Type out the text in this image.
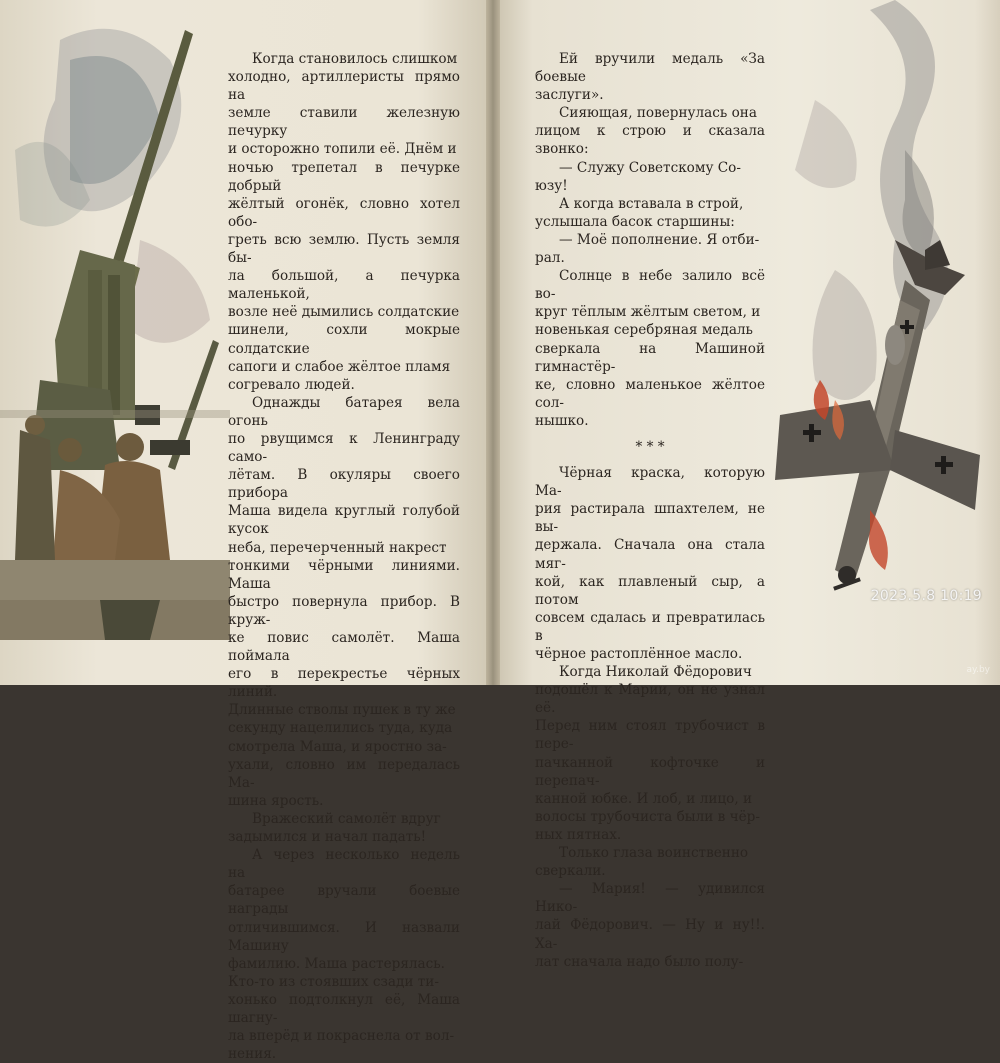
Когда становилось слишком

холодно, артиллеристы прямо на

земле ставили железную печурку

и осторожно топили её. Днём и

ночью трепетал в печурке добрый

жёлтый огонёк, словно хотел обо-

греть всю землю. Пусть земля бы-

ла большой, а печурка маленькой,

возле неё дымились солдатские

шинели, сохли мокрые солдатские

сапоги и слабое жёлтое пламя

согревало людей.

Однажды батарея вела огонь

по рвущимся к Ленинграду само-

лётам. В окуляры своего прибора

Маша видела круглый голубой кусок

неба, перечерченный накрест

тонкими чёрными линиями. Маша

быстро повернула прибор. В круж-

ке повис самолёт. Маша поймала

его в перекрестье чёрных линий.

Длинные стволы пушек в ту же

секунду нацелились туда, куда

смотрела Маша, и яростно за-

ухали, словно им передалась Ма-

шина ярость.

Вражеский самолёт вдруг

задымился и начал падать!

А через несколько недель на

батарее вручали боевые награды

отличившимся. И назвали Машину

фамилию. Маша растерялась.

Кто-то из стоявших сзади ти-

хонько подтолкнул её, Маша шагну-

ла вперёд и покраснела от вол-

нения.

Ей вручили медаль «За боевые

заслуги».

Сияющая, повернулась она

лицом к строю и сказала звонко:

— Служу Советскому Со-

юзу!

А когда вставала в строй,

услышала басок старшины:

— Моё пополнение. Я отби-

рал.

Солнце в небе залило всё во-

круг тёплым жёлтым светом, и

новенькая серебряная медаль

сверкала на Машиной гимнастёр-

ке, словно маленькое жёлтое сол-

нышко.

* * *

Чёрная краска, которую Ма-

рия растирала шпахтелем, не вы-

держала. Сначала она стала мяг-

кой, как плавленый сыр, а потом

совсем сдалась и превратилась в

чёрное растоплённое масло.

Когда Николай Фёдорович

подошёл к Марии, он не узнал её.

Перед ним стоял трубочист в пере-

пачканной кофточке и перепач-

канной юбке. И лоб, и лицо, и

волосы трубочиста были в чёр-

ных пятнах.

Только глаза воинственно

сверкали.

— Мария! — удивился Нико-

лай Фёдорович. — Ну и ну!!. Ха-

лат сначала надо было полу-

2023.5.8 10:19
ay.by
